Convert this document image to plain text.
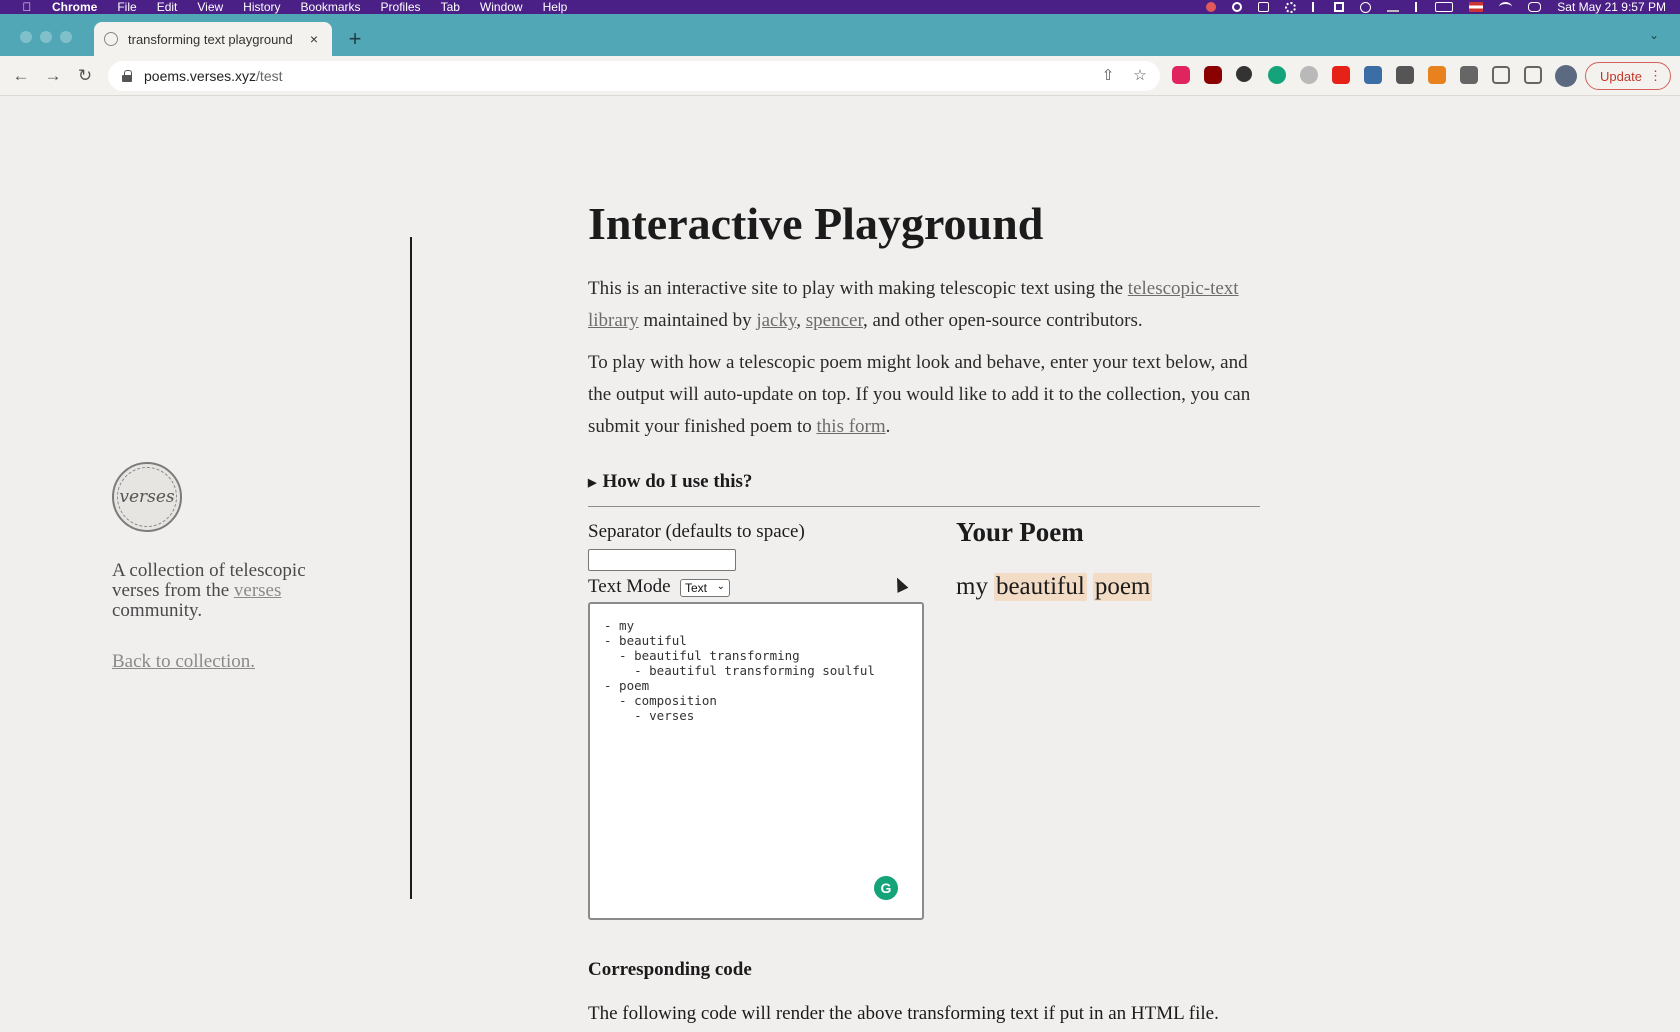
Chrome File Edit View History Bookmarks Profiles Tab Window Help	Sat May 21 9:57 PM
transforming text playground	× +	⌄
← → ↻	poems.verses.xyz /test	⇧ ☆	Update ⋮
verses
A collection of telescopic verses from the verses community.
Back to collection.
Interactive Playground

This is an interactive site to play with making telescopic text using the telescopic-text library maintained by jacky, spencer, and other open-source contributors.

To play with how a telescopic poem might look and behave, enter your text below, and the output will auto-update on top. If you would like to add it to the collection, you can submit your finished poem to this form.

▶ How do I use this?
Separator (defaults to space)
Text Mode Text ⌄
- my
- beautiful
- beautiful transforming
- beautiful transforming soulful
- poem
- composition
- verses
G
Your Poem
my beautiful poem
Corresponding code
The following code will render the above transforming text if put in an HTML file.
